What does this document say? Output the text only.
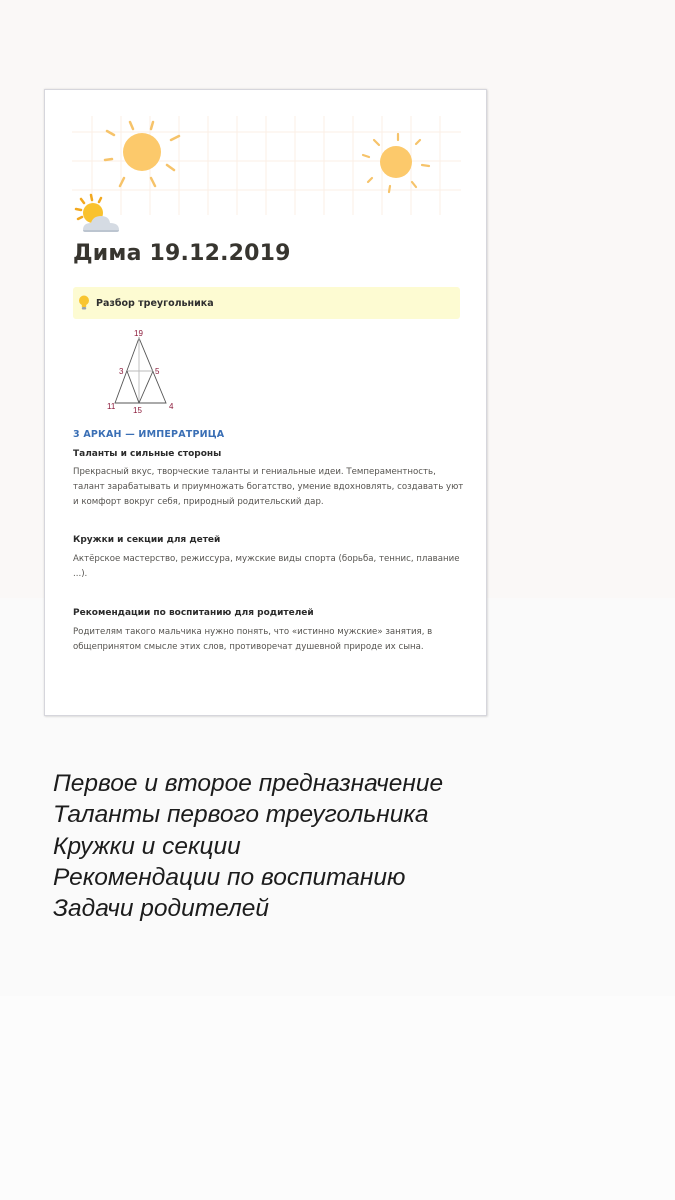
Дима 19.12.2019
Разбор треугольника
19
3	5
11 15	4
3 АРКАН — ИМПЕРАТРИЦА
Таланты и сильные стороны
Прекрасный вкус, творческие таланты и гениальные идеи. Темпераментность, талант зарабатывать и приумножать богатство, умение вдохновлять, создавать уют и комфорт вокруг себя, природный родительский дар.
Кружки и секции для детей
Актёрское мастерство, режиссура, мужские виды спорта (борьба, теннис, плавание ...).
Рекомендации по воспитанию для родителей
Родителям такого мальчика нужно понять, что «истинно мужские» занятия, в общепринятом смысле этих слов, противоречат душевной природе их сына.
Первое и второе предназначение
Таланты первого треугольника
Кружки и секции
Рекомендации по воспитанию
Задачи родителей
